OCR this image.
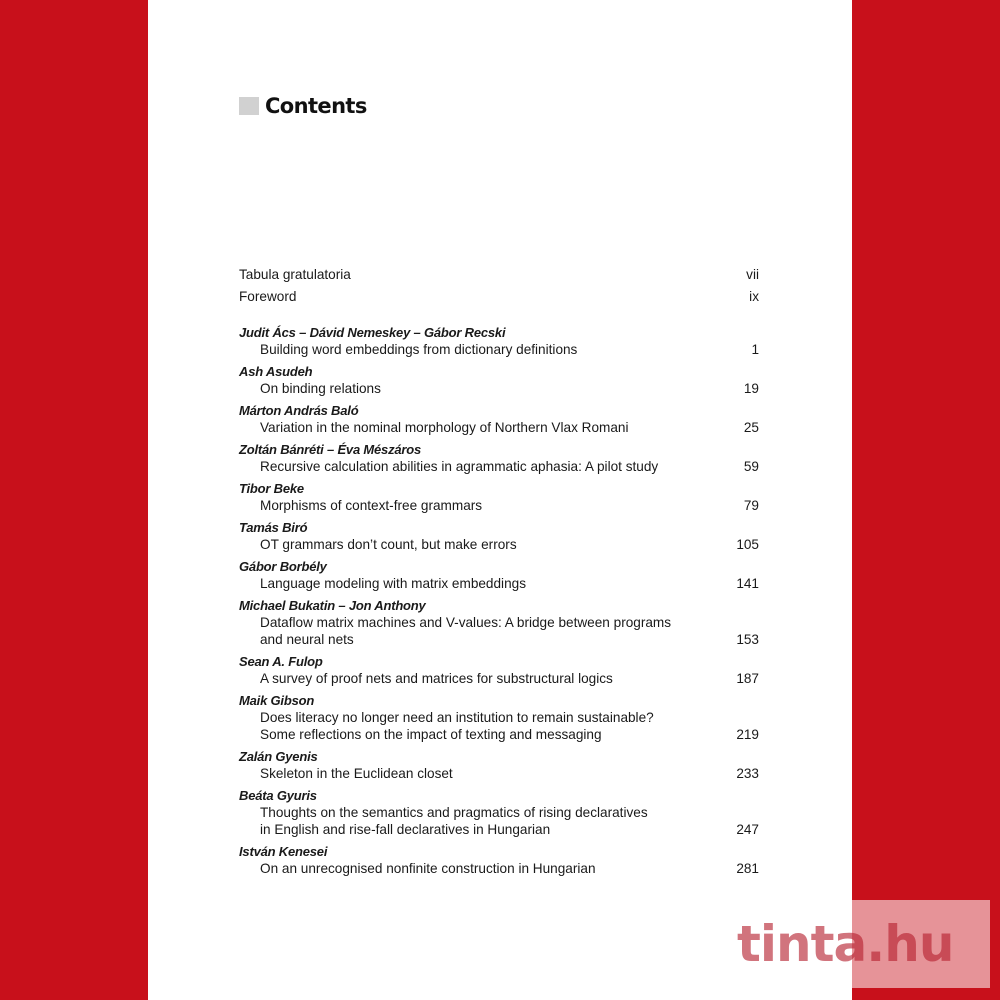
Contents
Tabula gratulatoria	vii
Foreword	ix
Judit Ács – Dávid Nemeskey – Gábor Recski
Building word embeddings from dictionary definitions	1
Ash Asudeh
On binding relations	19
Márton András Baló
Variation in the nominal morphology of Northern Vlax Romani	25
Zoltán Bánréti – Éva Mészáros
Recursive calculation abilities in agrammatic aphasia: A pilot study	59
Tibor Beke
Morphisms of context-free grammars	79
Tamás Biró
OT grammars don’t count, but make errors	105
Gábor Borbély
Language modeling with matrix embeddings	141
Michael Bukatin – Jon Anthony
Dataflow matrix machines and V-values: A bridge between programs
and neural nets	153
Sean A. Fulop
A survey of proof nets and matrices for substructural logics	187
Maik Gibson
Does literacy no longer need an institution to remain sustainable?
Some reflections on the impact of texting and messaging	219
Zalán Gyenis
Skeleton in the Euclidean closet	233
Beáta Gyuris
Thoughts on the semantics and pragmatics of rising declaratives
in English and rise-fall declaratives in Hungarian	247
István Kenesei
On an unrecognised nonfinite construction in Hungarian	281
tinta.hu
